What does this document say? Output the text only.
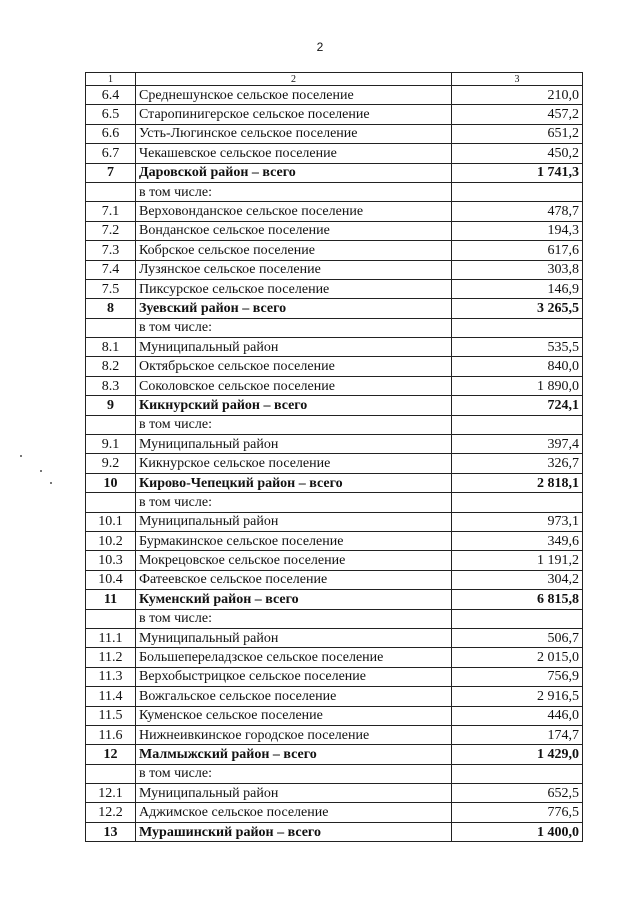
2
1	2	3
6.4	Среднешунское сельское поселение	210,0
6.5	Старопинигерское сельское поселение	457,2
6.6	Усть-Люгинское сельское поселение	651,2
6.7	Чекашевское сельское поселение	450,2
7	Даровской район – всего	1 741,3
	в том числе:	
7.1	Верховонданское сельское поселение	478,7
7.2	Вонданское сельское поселение	194,3
7.3	Кобрское сельское поселение	617,6
7.4	Лузянское сельское поселение	303,8
7.5	Пиксурское сельское поселение	146,9
8	Зуевский район – всего	3 265,5
	в том числе:	
8.1	Муниципальный район	535,5
8.2	Октябрьское сельское поселение	840,0
8.3	Соколовское сельское поселение	1 890,0
9	Кикнурский район – всего	724,1
	в том числе:	
9.1	Муниципальный район	397,4
9.2	Кикнурское сельское поселение	326,7
10	Кирово-Чепецкий район – всего	2 818,1
	в том числе:	
10.1	Муниципальный район	973,1
10.2	Бурмакинское сельское поселение	349,6
10.3	Мокрецовское сельское поселение	1 191,2
10.4	Фатеевское сельское поселение	304,2
11	Куменский район – всего	6 815,8
	в том числе:	
11.1	Муниципальный район	506,7
11.2	Большепереладзское сельское поселение	2 015,0
11.3	Верхобыстрицкое сельское поселение	756,9
11.4	Вожгальское сельское поселение	2 916,5
11.5	Куменское сельское поселение	446,0
11.6	Нижнеивкинское городское поселение	174,7
12	Малмыжский район – всего	1 429,0
	в том числе:	
12.1	Муниципальный район	652,5
12.2	Аджимское сельское поселение	776,5
13	Мурашинский район – всего	1 400,0
